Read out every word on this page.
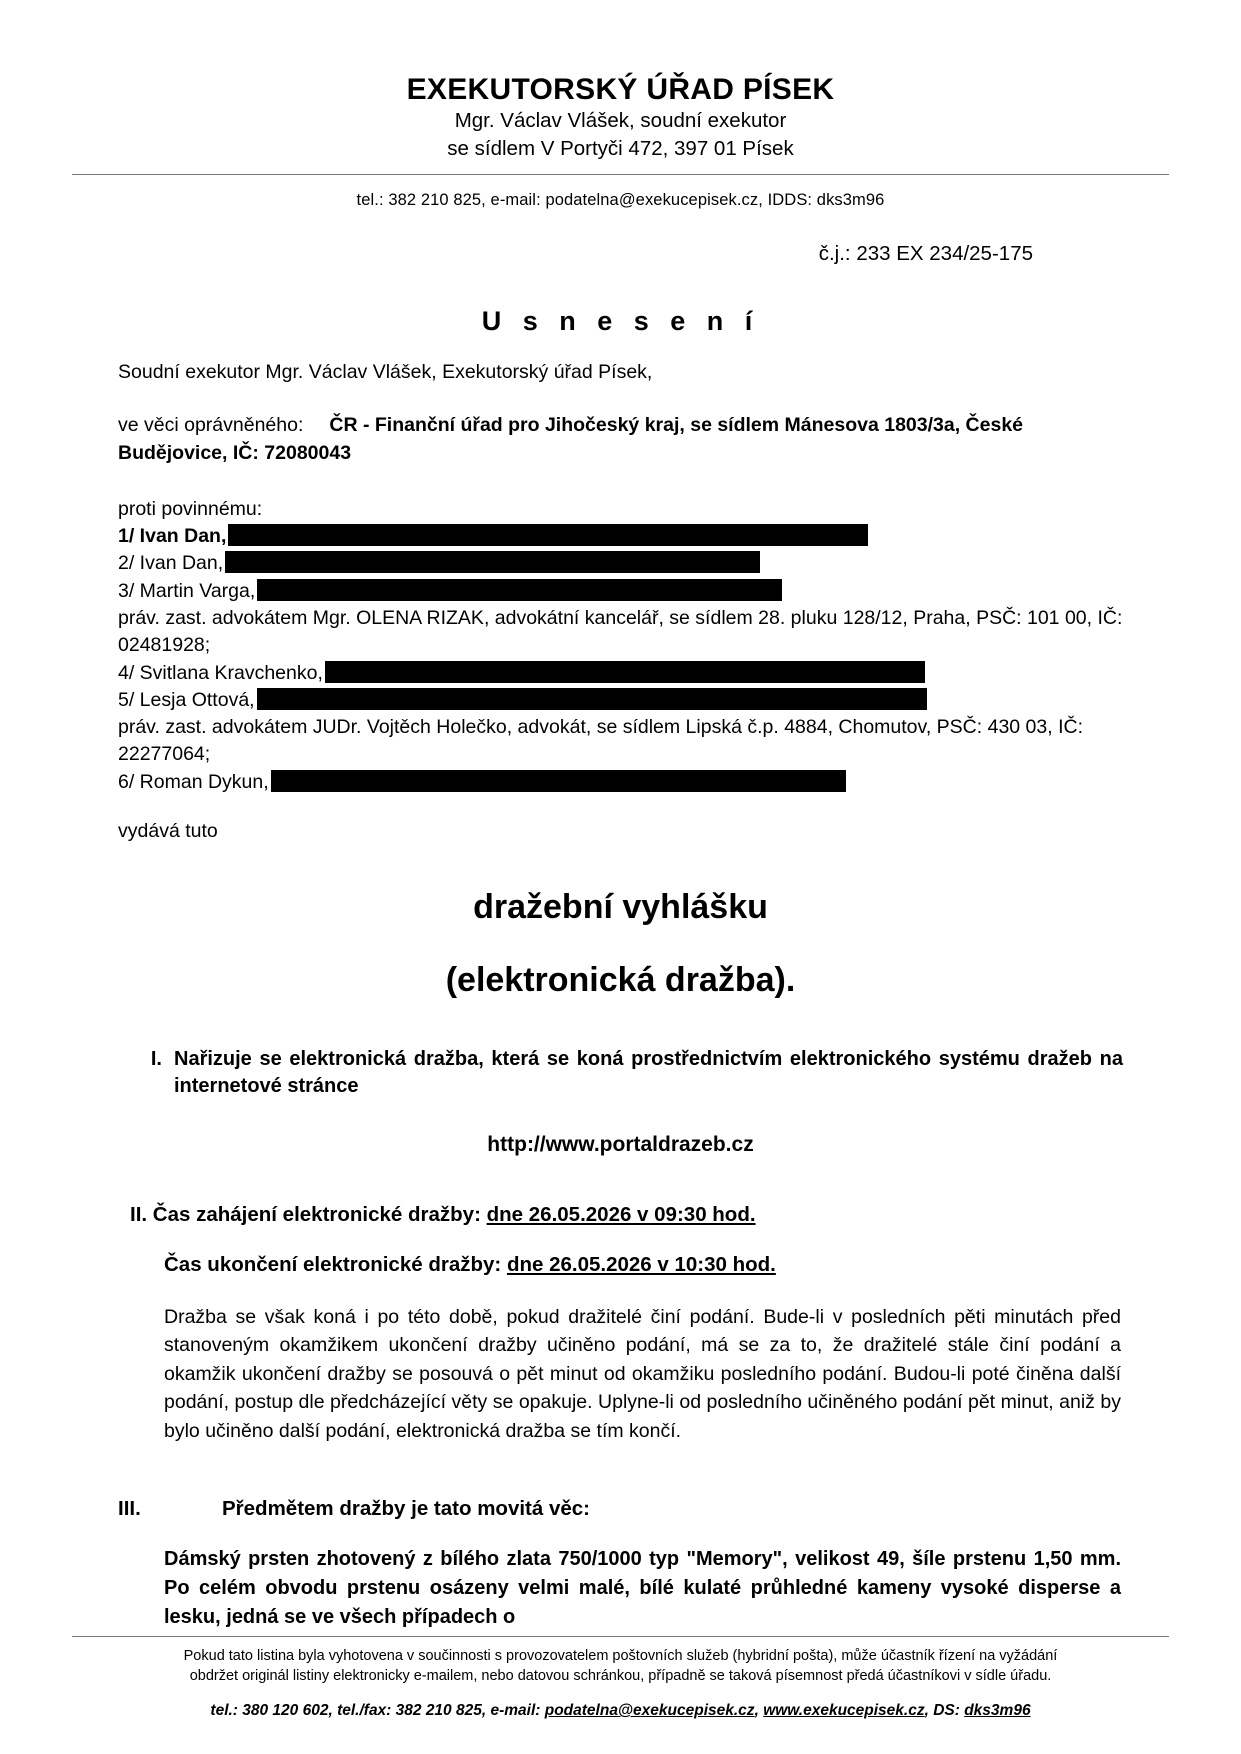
EXEKUTORSKÝ ÚŘAD PÍSEK
Mgr. Václav Vlášek, soudní exekutor
se sídlem V Portyči 472, 397 01 Písek
tel.: 382 210 825, e-mail: podatelna@exekucepisek.cz, IDDS: dks3m96
č.j.: 233 EX 234/25-175
U s n e s e n í
Soudní exekutor Mgr. Václav Vlášek, Exekutorský úřad Písek,
ve věci oprávněného: ČR - Finanční úřad pro Jihočeský kraj, se sídlem Mánesova 1803/3a, České Budějovice, IČ: 72080043
proti povinnému:
1/ Ivan Dan,
2/ Ivan Dan,
3/ Martin Varga,
práv. zast. advokátem Mgr. OLENA RIZAK, advokátní kancelář, se sídlem 28. pluku 128/12, Praha, PSČ: 101 00, IČ: 02481928;
4/ Svitlana Kravchenko,
5/ Lesja Ottová,
práv. zast. advokátem JUDr. Vojtěch Holečko, advokát, se sídlem Lipská č.p. 4884, Chomutov, PSČ: 430 03, IČ: 22277064;
6/ Roman Dykun,
vydává tuto
dražební vyhlášku
(elektronická dražba).
I. Nařizuje se elektronická dražba, která se koná prostřednictvím elektronického systému dražeb na internetové stránce
http://www.portaldrazeb.cz
II. Čas zahájení elektronické dražby: dne 26.05.2026 v 09:30 hod.
Čas ukončení elektronické dražby: dne 26.05.2026 v 10:30 hod.
Dražba se však koná i po této době, pokud dražitelé činí podání. Bude-li v posledních pěti minutách před stanoveným okamžikem ukončení dražby učiněno podání, má se za to, že dražitelé stále činí podání a okamžik ukončení dražby se posouvá o pět minut od okamžiku posledního podání. Budou-li poté činěna další podání, postup dle předcházející věty se opakuje. Uplyne-li od posledního učiněného podání pět minut, aniž by bylo učiněno další podání, elektronická dražba se tím končí.
III.	Předmětem dražby je tato movitá věc:
Dámský prsten zhotovený z bílého zlata 750/1000 typ "Memory", velikost 49, šíle prstenu 1,50 mm. Po celém obvodu prstenu osázeny velmi malé, bílé kulaté průhledné kameny vysoké disperse a lesku, jedná se ve všech případech o
Pokud tato listina byla vyhotovena v součinnosti s provozovatelem poštovních služeb (hybridní pošta), může účastník řízení na vyžádání
obdržet originál listiny elektronicky e-mailem, nebo datovou schránkou, případně se taková písemnost předá účastníkovi v sídle úřadu.
tel.: 380 120 602, tel./fax: 382 210 825, e-mail: podatelna@exekucepisek.cz, www.exekucepisek.cz, DS: dks3m96
